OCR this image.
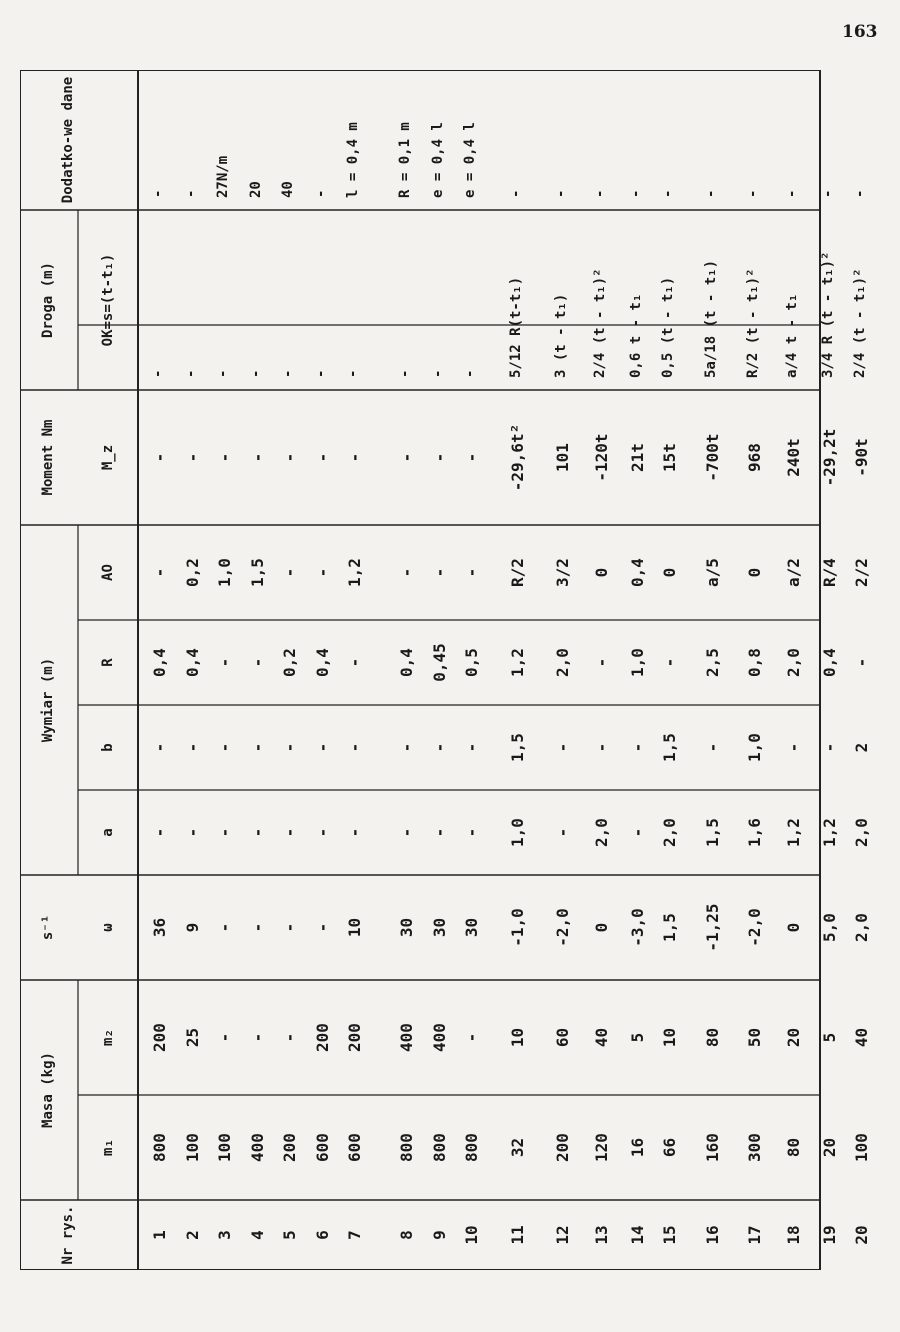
163
Nr rys.
Masa (kg)
s⁻¹
Wymiar (m)
Moment Nm
Droga (m)
Dodatko-we dane
m₁
m₂
ω
a
b
R
AO
M_z
OK=s=(t-t₁)
1
800
200
36
-
-
0,4
-
-
-
-
2
100
25
9
-
-
0,4
0,2
-
-
-
3
100
-
-
-
-
-
1,0
-
-
27N/m
4
400
-
-
-
-
-
1,5
-
-
20
5
200
-
-
-
-
0,2
-
-
-
40
6
600
200
-
-
-
0,4
-
-
-
-
7
600
200
10
-
-
-
1,2
-
-
l = 0,4 m
8
800
400
30
-
-
0,4
-
-
-
R = 0,1 m
9
800
400
30
-
-
0,45
-
-
-
e = 0,4 l
10
800
-
30
-
-
0,5
-
-
-
e = 0,4 l
11
32
10
-1,0
1,0
1,5
1,2
R/2
-29,6t²
5/12 R(t-t₁)
-
12
200
60
-2,0
-
-
2,0
3/2
101
3 (t - t₁)
-
13
120
40
0
2,0
-
-
0
-120t
2/4 (t - t₁)²
-
14
16
5
-3,0
-
-
1,0
0,4
21t
0,6 t - t₁
-
15
66
10
1,5
2,0
1,5
-
0
15t
0,5 (t - t₁)
-
16
160
80
-1,25
1,5
-
2,5
a/5
-700t
5a/18 (t - t₁)
-
17
300
50
-2,0
1,6
1,0
0,8
0
968
R/2 (t - t₁)²
-
18
80
20
0
1,2
-
2,0
a/2
240t
a/4 t - t₁
-
19
20
5
5,0
1,2
-
0,4
R/4
-29,2t
3/4 R (t - t₁)²
-
20
100
40
2,0
2,0
2
-
2/2
-90t
2/4 (t - t₁)²
-
